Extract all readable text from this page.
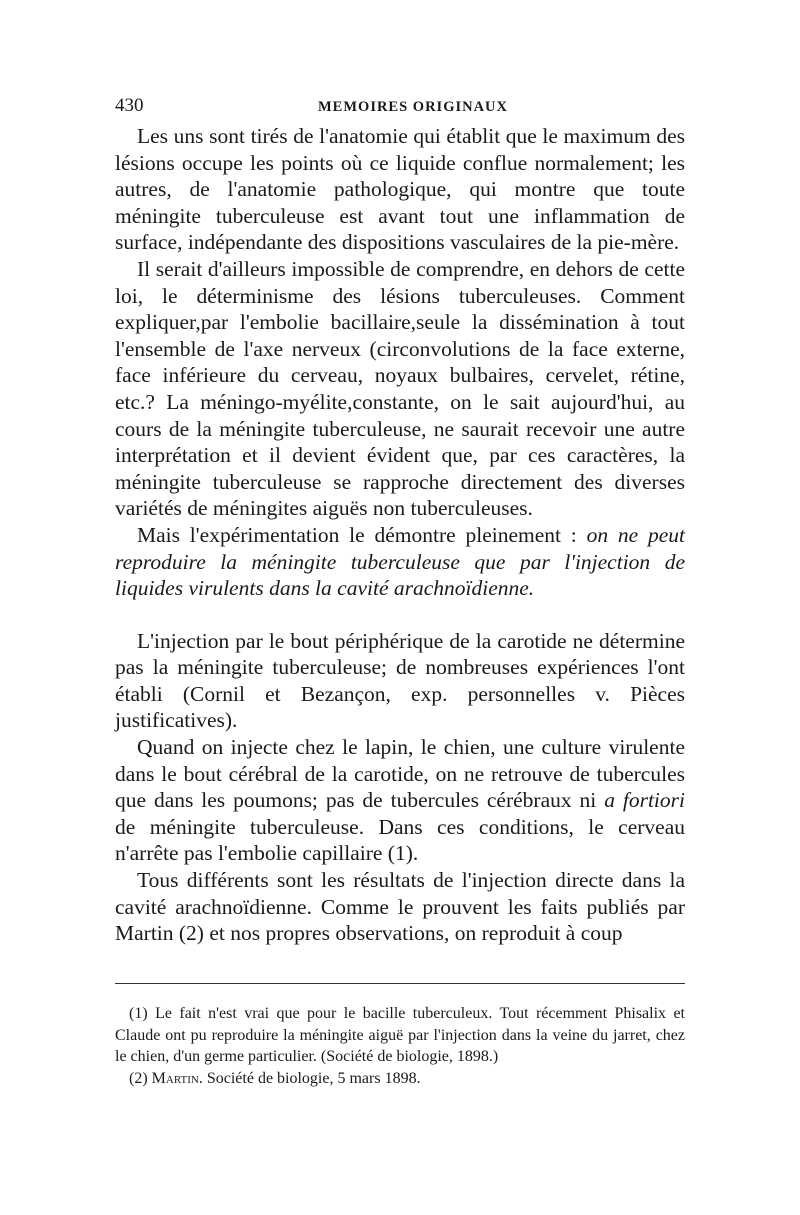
430	MEMOIRES ORIGINAUX

Les uns sont tirés de l'anatomie qui établit que le maximum des lésions occupe les points où ce liquide conflue normalement; les autres, de l'anatomie pathologique, qui montre que toute méningite tuberculeuse est avant tout une inflammation de surface, indépendante des dispositions vasculaires de la pie-mère.

Il serait d'ailleurs impossible de comprendre, en dehors de cette loi, le déterminisme des lésions tuberculeuses. Comment expliquer,par l'embolie bacillaire,seule la dissémination à tout l'ensemble de l'axe nerveux (circonvolutions de la face externe, face inférieure du cerveau, noyaux bulbaires, cervelet, rétine, etc.? La méningo-myélite,constante, on le sait aujourd'hui, au cours de la méningite tuberculeuse, ne saurait recevoir une autre interprétation et il devient évident que, par ces caractères, la méningite tuberculeuse se rapproche directement des diverses variétés de méningites aiguës non tuberculeuses.

Mais l'expérimentation le démontre pleinement : on ne peut reproduire la méningite tuberculeuse que par l'injection de liquides virulents dans la cavité arachnoïdienne.

L'injection par le bout périphérique de la carotide ne détermine pas la méningite tuberculeuse; de nombreuses expériences l'ont établi (Cornil et Bezançon, exp. personnelles v. Pièces justificatives).

Quand on injecte chez le lapin, le chien, une culture virulente dans le bout cérébral de la carotide, on ne retrouve de tubercules que dans les poumons; pas de tubercules cérébraux ni a fortiori de méningite tuberculeuse. Dans ces conditions, le cerveau n'arrête pas l'embolie capillaire (1).

Tous différents sont les résultats de l'injection directe dans la cavité arachnoïdienne. Comme le prouvent les faits publiés par Martin (2) et nos propres observations, on reproduit à coup

(1) Le fait n'est vrai que pour le bacille tuberculeux. Tout récemment Phisalix et Claude ont pu reproduire la méningite aiguë par l'injection dans la veine du jarret, chez le chien, d'un germe particulier. (Société de biologie, 1898.)

(2) Martin. Société de biologie, 5 mars 1898.
